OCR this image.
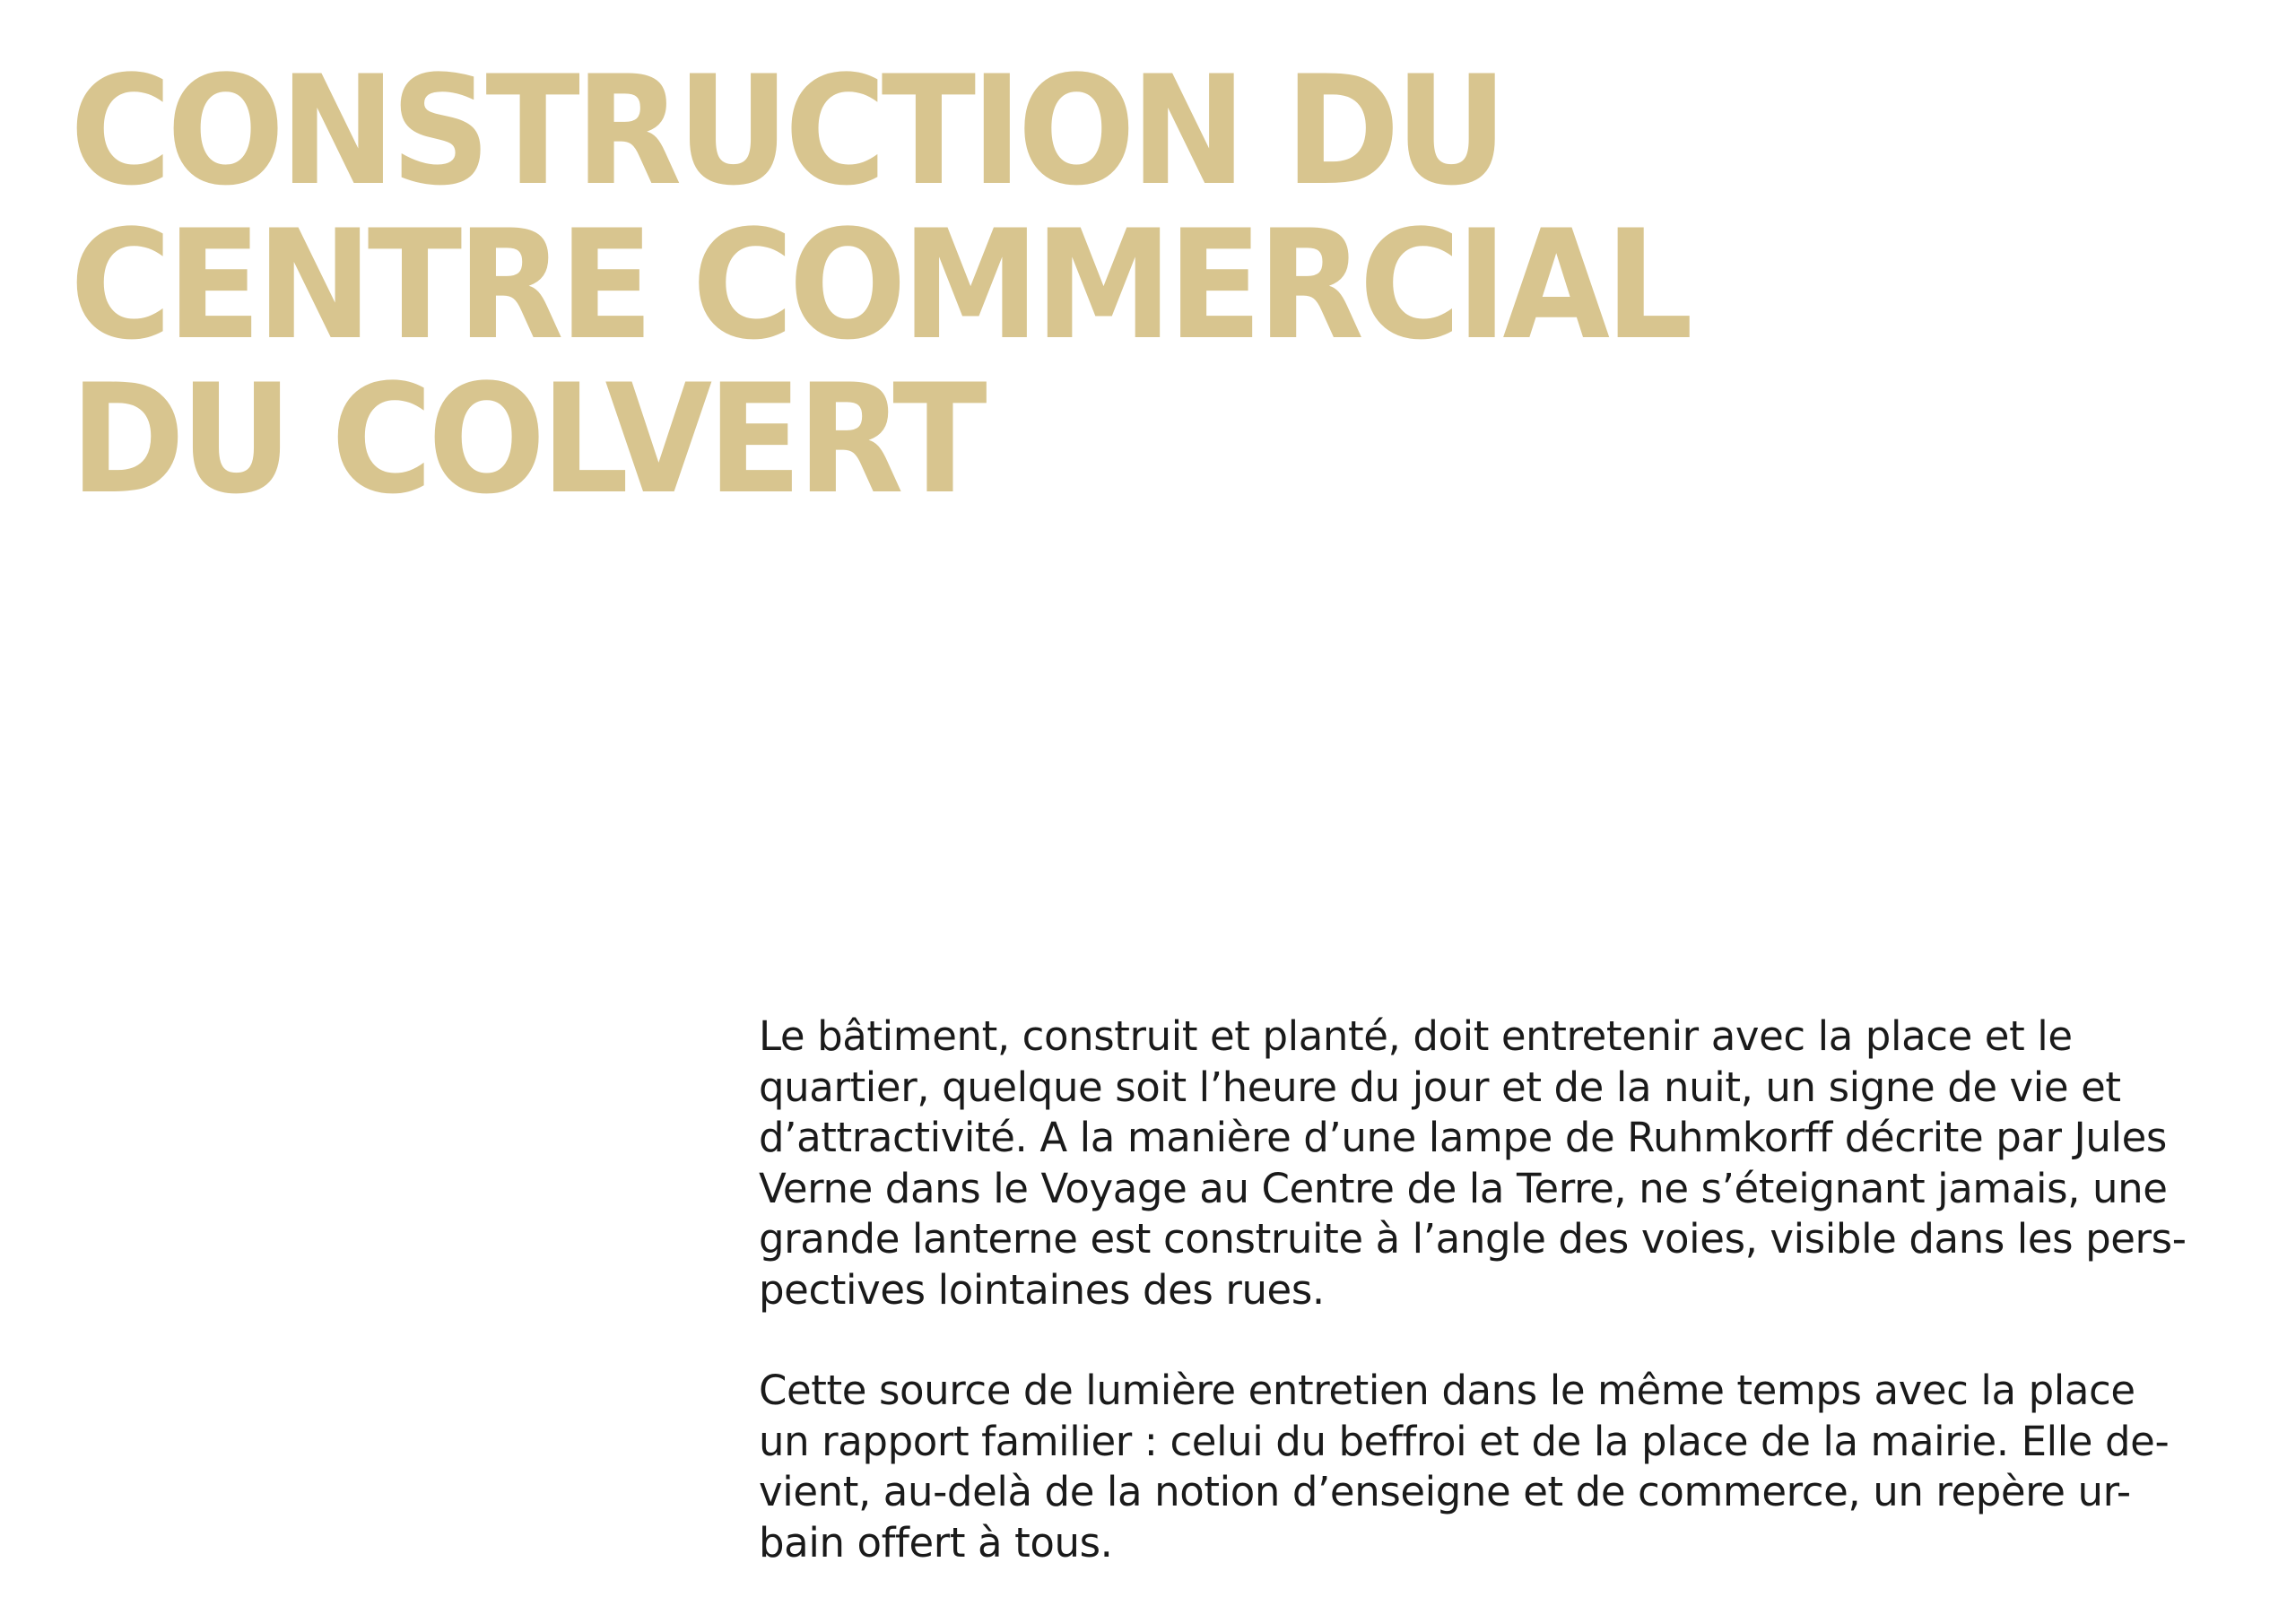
CONSTRUCTION DU
CENTRE COMMERCIAL
DU COLVERT

Le bâtiment, construit et planté, doit entretenir avec la place et le
quartier, quelque soit l’heure du jour et de la nuit, un signe de vie et
d’attractivité. A la manière d’une lampe de Ruhmkorff décrite par Jules
Verne dans le Voyage au Centre de la Terre, ne s’éteignant jamais, une
grande lanterne est construite à l’angle des voies, visible dans les pers-
pectives lointaines des rues.

Cette source de lumière entretien dans le même temps avec la place
un rapport familier : celui du beffroi et de la place de la mairie. Elle de-
vient, au-delà de la notion d’enseigne et de commerce, un repère ur-
bain offert à tous.
